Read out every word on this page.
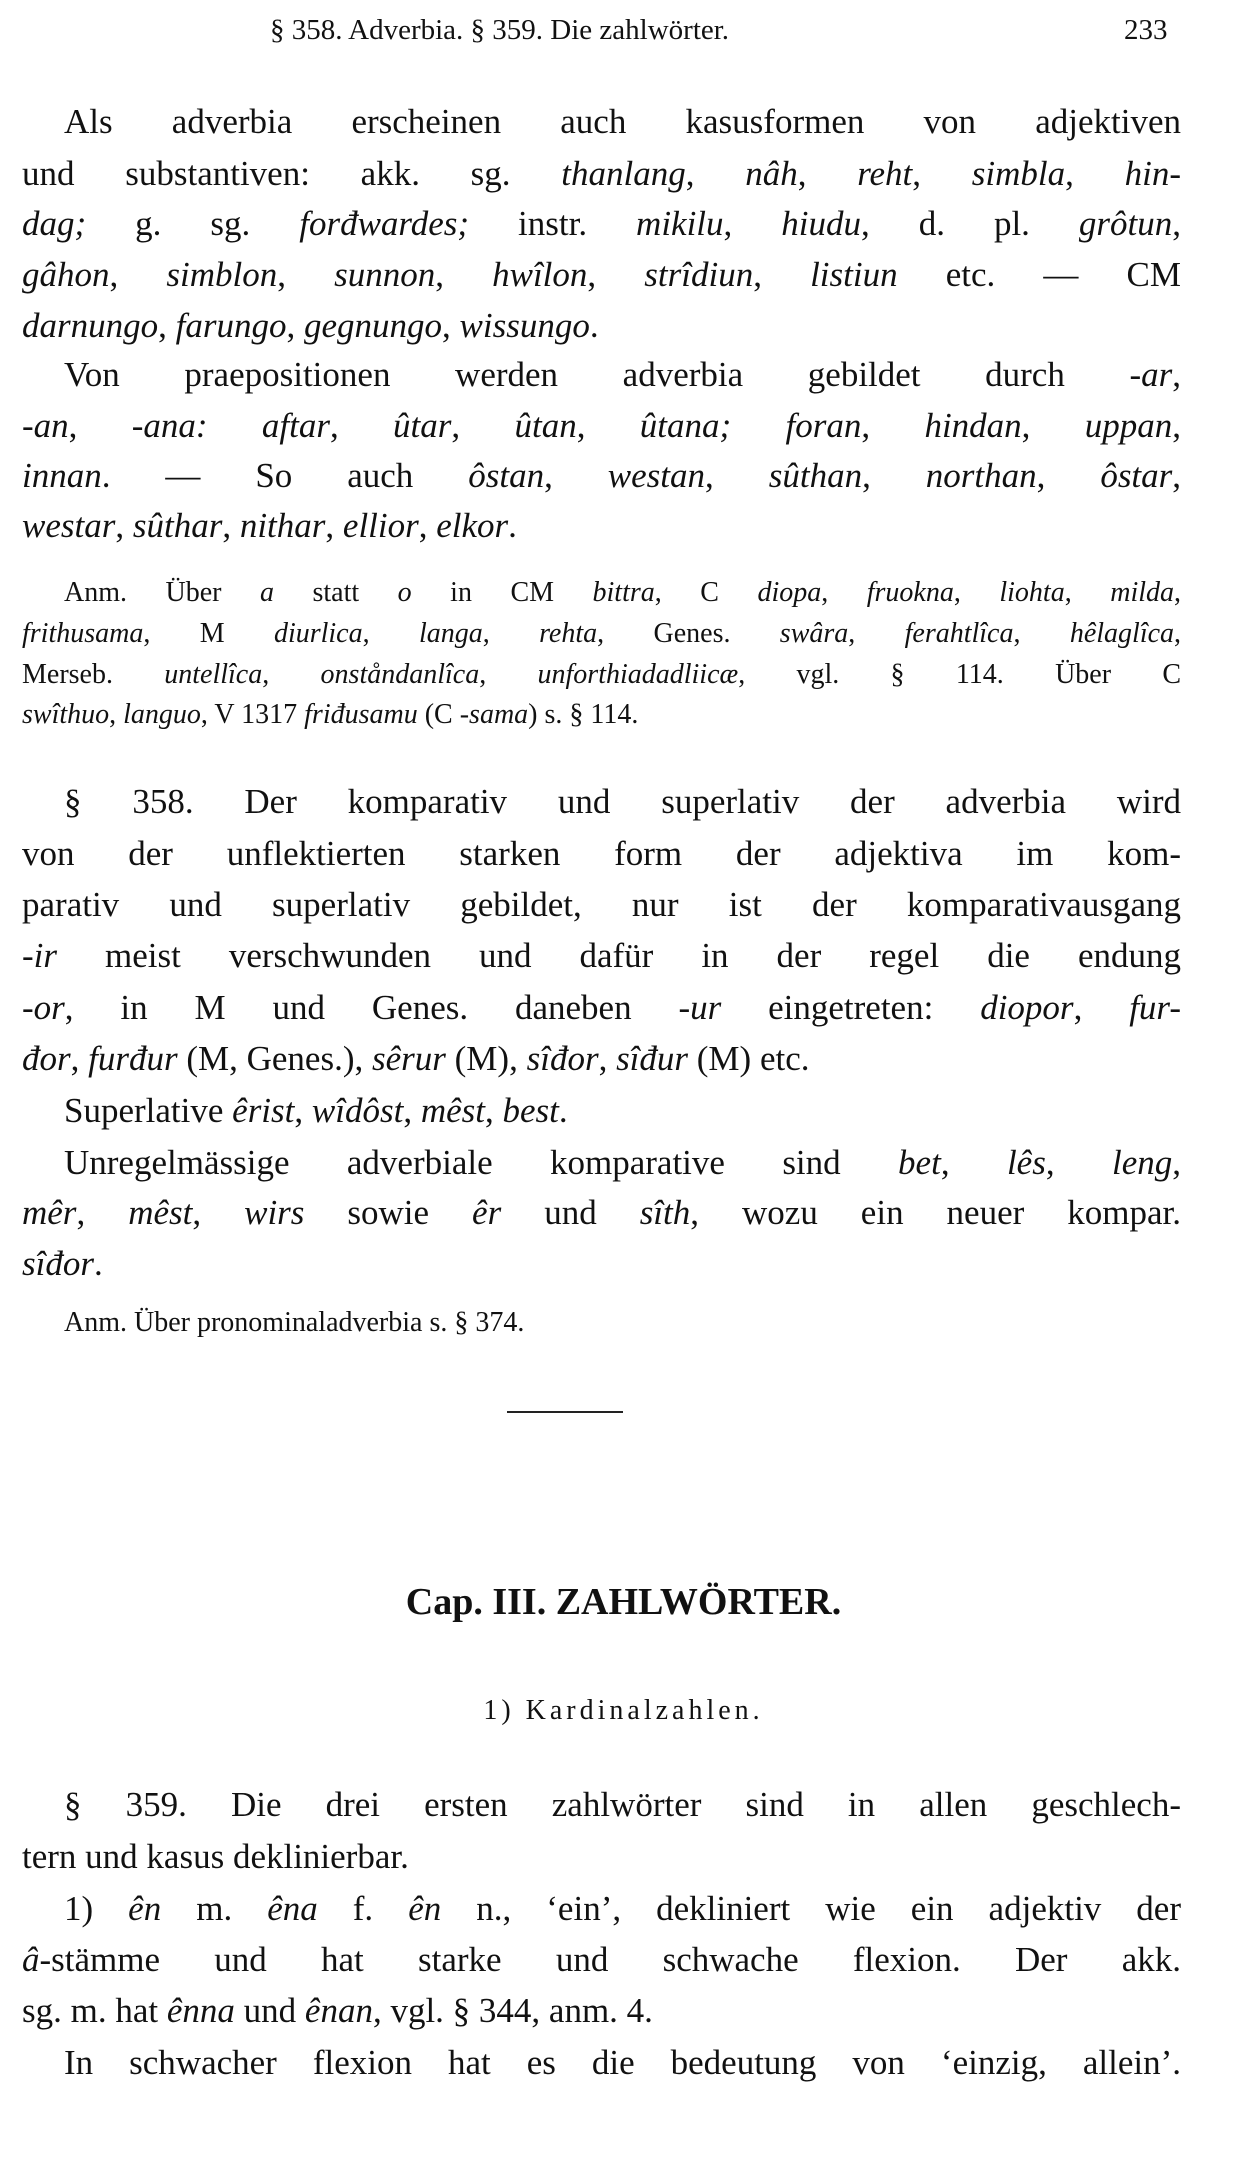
§ 358. Adverbia. § 359. Die zahlwörter.	233
Als adverbia erscheinen auch kasusformen von adjektiven
und substantiven: akk. sg. thanlang, nâh, reht, simbla, hin-
dag; g. sg. forđwardes; instr. mikilu, hiudu, d. pl. grôtun,
gâhon, simblon, sunnon, hwîlon, strîdiun, listiun etc. — CM
darnungo, farungo, gegnungo, wissungo.
Von praepositionen werden adverbia gebildet durch -ar,
-an, -ana: aftar, ûtar, ûtan, ûtana; foran, hindan, uppan,
innan. — So auch ôstan, westan, sûthan, northan, ôstar,
westar, sûthar, nithar, ellior, elkor.
Anm. Über a statt o in CM bittra, C diopa, fruokna, liohta, milda,
frithusama, M diurlica, langa, rehta, Genes. swâra, ferahtlîca, hêlaglîca,
Merseb. untellîca, onståndanlîca, unforthiadadliicæ, vgl. § 114. Über C
swîthuo, languo, V 1317 friđusamu (C -sama) s. § 114.
§ 358. Der komparativ und superlativ der adverbia wird
von der unflektierten starken form der adjektiva im kom-
parativ und superlativ gebildet, nur ist der komparativausgang
-ir meist verschwunden und dafür in der regel die endung
-or, in M und Genes. daneben -ur eingetreten: diopor, fur-
đor, furđur (M, Genes.), sêrur (M), sîđor, sîđur (M) etc.
Superlative êrist, wîdôst, mêst, best.
Unregelmässige adverbiale komparative sind bet, lês, leng,
mêr, mêst, wirs sowie êr und sîth, wozu ein neuer kompar.
sîđor.
Anm. Über pronominaladverbia s. § 374.
§ 359. Die drei ersten zahlwörter sind in allen geschlech-
tern und kasus deklinierbar.
1) ên m. êna f. ên n., ‘ein’, dekliniert wie ein adjektiv der
â-stämme und hat starke und schwache flexion. Der akk.
sg. m. hat ênna und ênan, vgl. § 344, anm. 4.
In schwacher flexion hat es die bedeutung von ‘einzig, allein’.
Cap. III. ZAHLWÖRTER.
1) Kardinalzahlen.
